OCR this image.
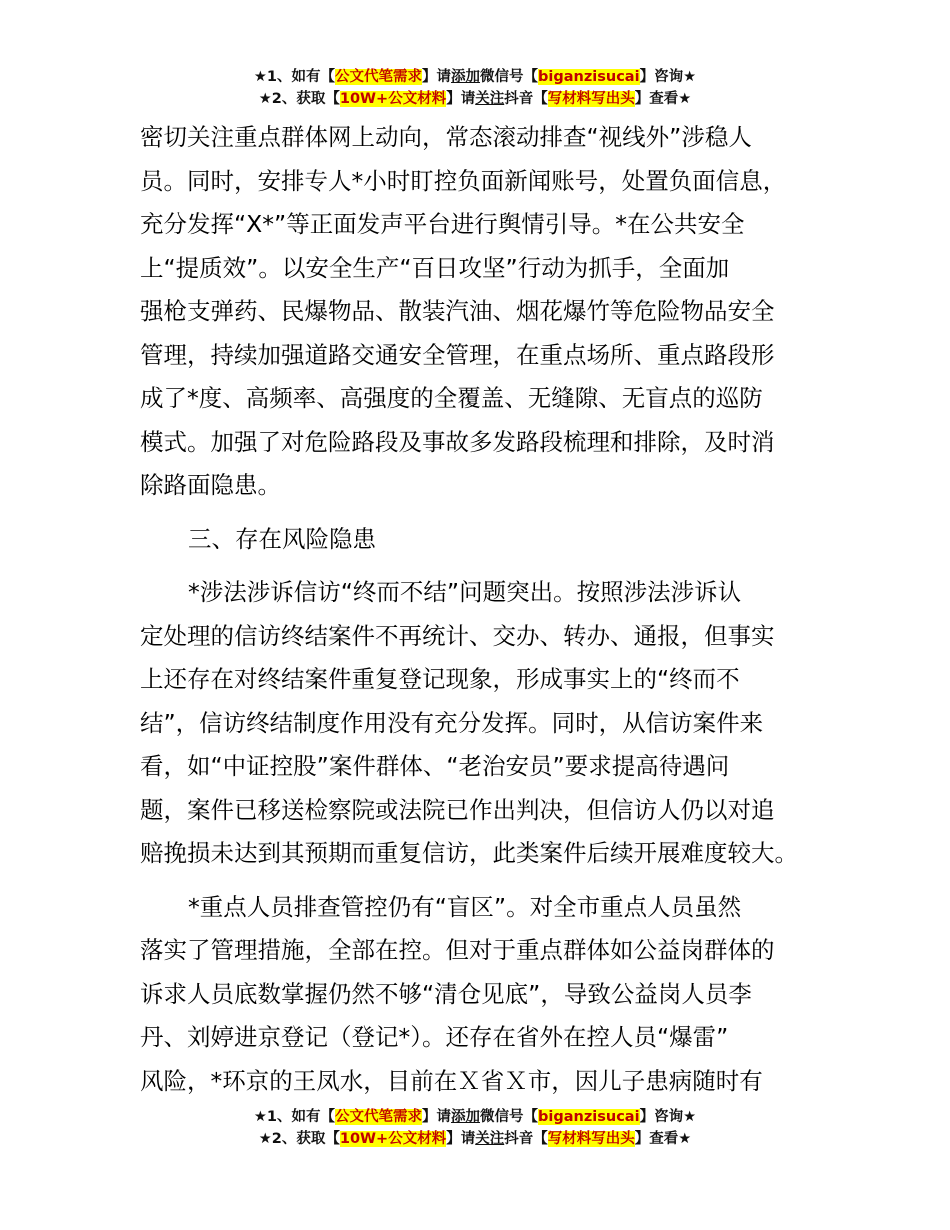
★1、如有【公文代笔需求】请添加微信号【biganzisucai】咨询★
★2、获取【10W+公文材料】请关注抖音【写材料写出头】查看★

密切关注重点群体网上动向，常态滚动排查“视线外”涉稳人
员。同时，安排专人*小时盯控负面新闻账号，处置负面信息，
充分发挥“X*”等正面发声平台进行舆情引导。*在公共安全
上“提质效”。以安全生产“百日攻坚”行动为抓手，全面加
强枪支弹药、民爆物品、散装汽油、烟花爆竹等危险物品安全
管理，持续加强道路交通安全管理，在重点场所、重点路段形
成了*度、高频率、高强度的全覆盖、无缝隙、无盲点的巡防
模式。加强了对危险路段及事故多发路段梳理和排除，及时消
除路面隐患。

三、存在风险隐患

*涉法涉诉信访“终而不结”问题突出。按照涉法涉诉认
定处理的信访终结案件不再统计、交办、转办、通报，但事实
上还存在对终结案件重复登记现象，形成事实上的“终而不
结”，信访终结制度作用没有充分发挥。同时，从信访案件来
看，如“中证控股”案件群体、“老治安员”要求提高待遇问
题，案件已移送检察院或法院已作出判决，但信访人仍以对追
赔挽损未达到其预期而重复信访，此类案件后续开展难度较大。

*重点人员排查管控仍有“盲区”。对全市重点人员虽然
落实了管理措施，全部在控。但对于重点群体如公益岗群体的
诉求人员底数掌握仍然不够“清仓见底”，导致公益岗人员李
丹、刘婷进京登记（登记*）。还存在省外在控人员“爆雷”
风险，*环京的王凤水，目前在Ｘ省Ｘ市，因儿子患病随时有

★1、如有【公文代笔需求】请添加微信号【biganzisucai】咨询★
★2、获取【10W+公文材料】请关注抖音【写材料写出头】查看★
